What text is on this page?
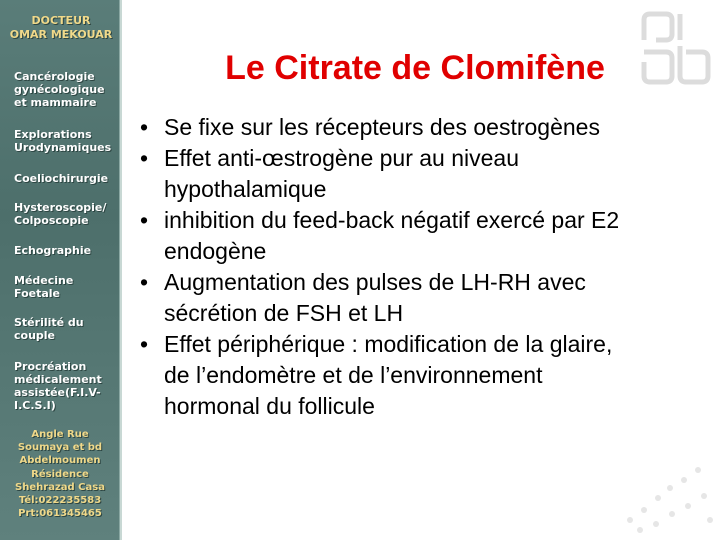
DOCTEUR
OMAR MEKOUAR
Cancérologie gynécologique et mammaire
Explorations Urodynamiques
Coeliochirurgie
Hysteroscopie/ Colposcopie
Echographie
Médecine Foetale
Stérilité du couple
Procréation médicalement assistée(F.I.V- I.C.S.I)
Angle Rue
Soumaya et bd
Abdelmoumen
Résidence
Shehrazad Casa
Tél:022235583
Prt:061345465
Le Citrate de Clomifène
• Se fixe sur les récepteurs des oestrogènes
• Effet anti-œstrogène pur au niveau hypothalamique
• inhibition du feed-back négatif exercé par E2 endogène
• Augmentation des pulses de LH-RH avec sécrétion de FSH et LH
• Effet périphérique : modification de la glaire, de l’endomètre et de l’environnement hormonal du follicule
